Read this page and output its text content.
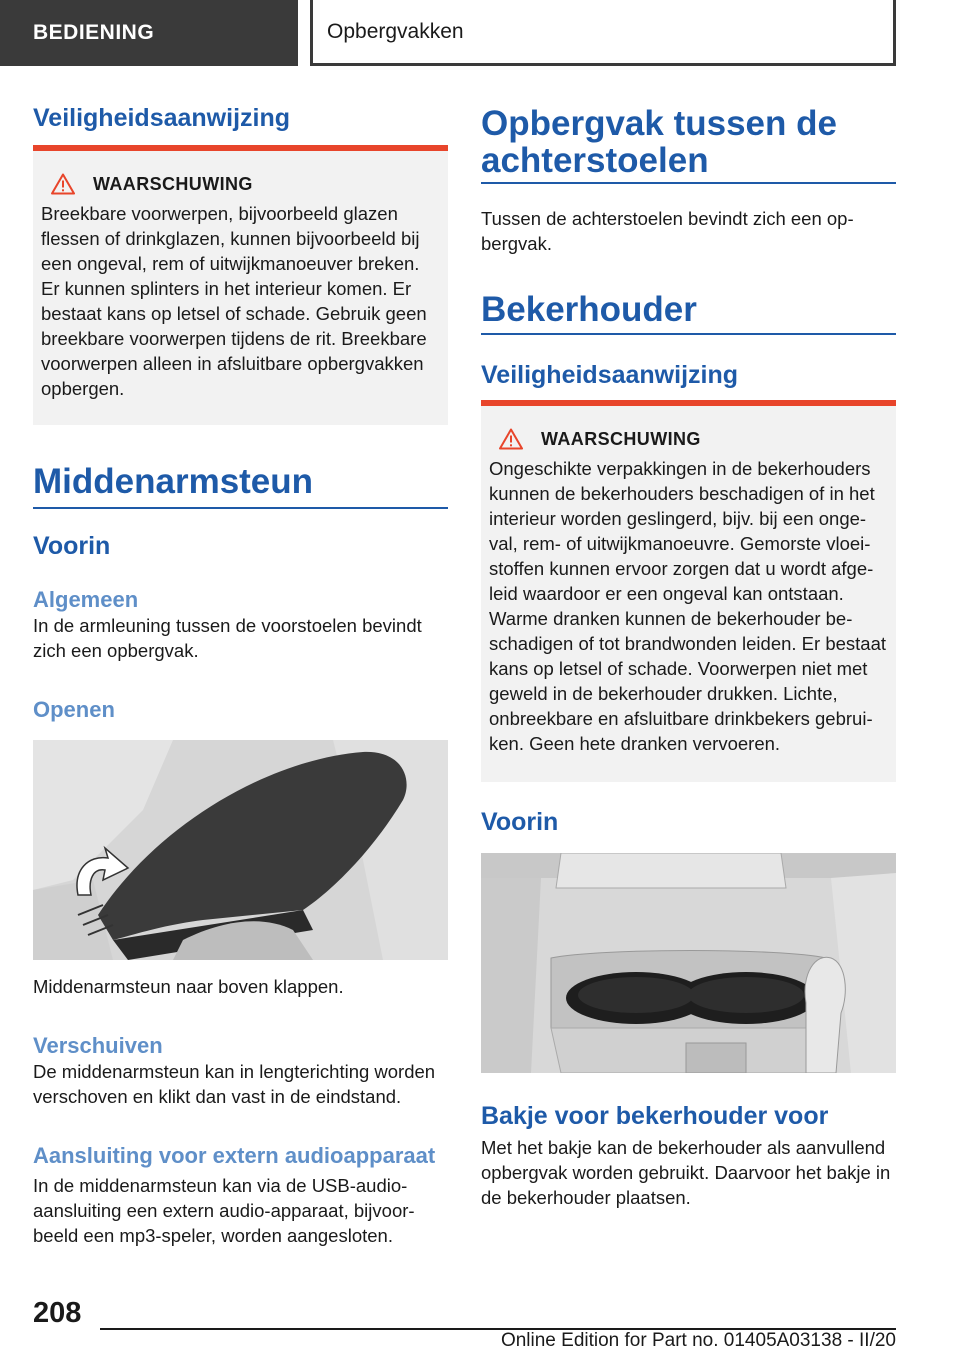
BEDIENING	Opbergvakken
Veiligheidsaanwijzing
WAARSCHUWING

Breekbare voorwerpen, bijvoorbeeld glazen flessen of drinkglazen, kunnen bijvoorbeeld bij een ongeval, rem of uitwijkmanoeuver breken. Er kunnen splinters in het interieur komen. Er bestaat kans op letsel of schade. Gebruik geen breekbare voorwerpen tijdens de rit. Breekbare voorwerpen alleen in afsluitbare opbergvakken opbergen.

Middenarmsteun
Voorin
Algemeen

In de armleuning tussen de voorstoelen bevindt zich een opbergvak.

Openen

Middenarmsteun naar boven klappen.

Verschuiven

De middenarmsteun kan in lengterichting worden verschoven en klikt dan vast in de eindstand.

Aansluiting voor extern audioapparaat

In de middenarmsteun kan via de USB-audioaansluiting een extern audio-apparaat, bijvoorbeeld een mp3-speler, worden aangesloten.

Opbergvak tussen de achterstoelen

Tussen de achterstoelen bevindt zich een opbergvak.

Bekerhouder
Veiligheidsaanwijzing
WAARSCHUWING

Ongeschikte verpakkingen in de bekerhouders kunnen de bekerhouders beschadigen of in het interieur worden geslingerd, bijv. bij een ongeval, rem- of uitwijkmanoeuvre. Gemorste vloeistoffen kunnen ervoor zorgen dat u wordt afgeleid waardoor er een ongeval kan ontstaan. Warme dranken kunnen de bekerhouder beschadigen of tot brandwonden leiden. Er bestaat kans op letsel of schade. Voorwerpen niet met geweld in de bekerhouder drukken. Lichte, onbreekbare en afsluitbare drinkbekers gebruiken. Geen hete dranken vervoeren.

Voorin
Bakje voor bekerhouder voor

Met het bakje kan de bekerhouder als aanvullend opbergvak worden gebruikt. Daarvoor het bakje in de bekerhouder plaatsen.

208
Online Edition for Part no. 01405A03138 - II/20
